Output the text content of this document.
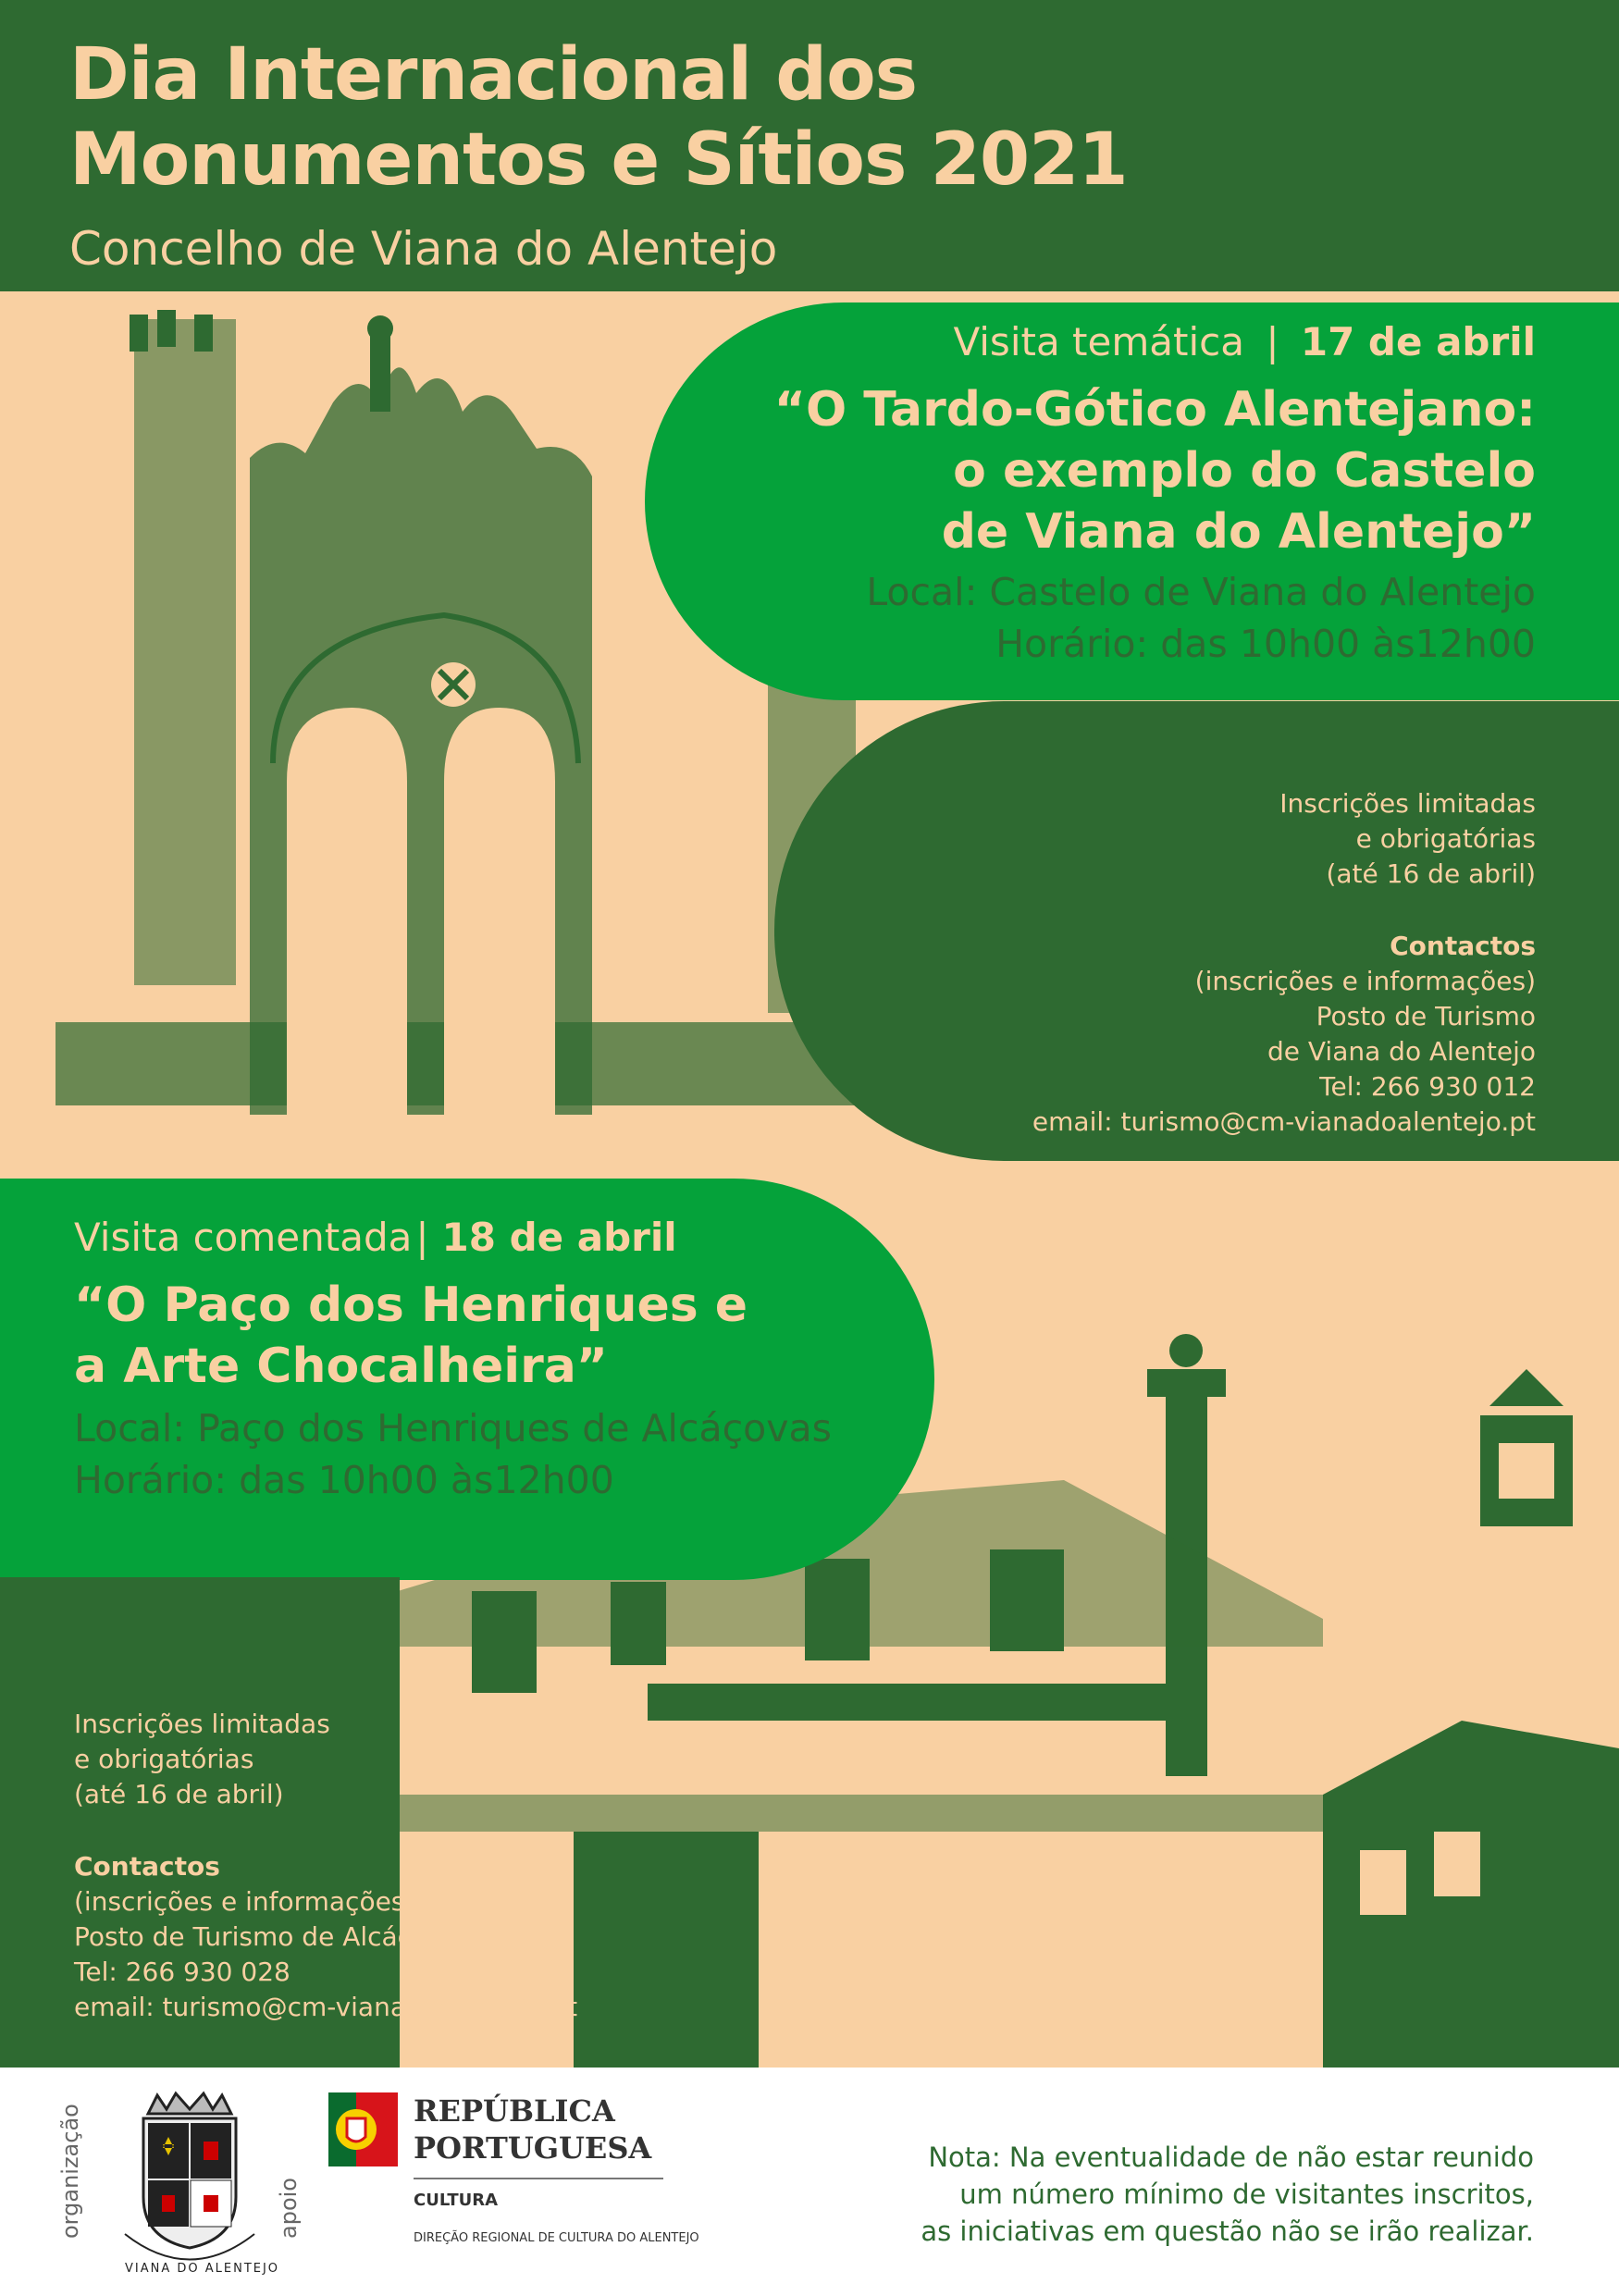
Dia Internacional dos
Monumentos e Sítios 2021
Concelho de Viana do Alentejo
Visita temática | 17 de abril
“O Tardo-Gótico Alentejano:
o exemplo do Castelo
de Viana do Alentejo”
Local: Castelo de Viana do Alentejo
Horário: das 10h00 às12h00
Inscrições limitadas
e obrigatórias
(até 16 de abril)
Contactos
(inscrições e informações)
Posto de Turismo
de Viana do Alentejo
Tel: 266 930 012
email: turismo@cm-vianadoalentejo.pt
Visita comentada| 18 de abril
“O Paço dos Henriques e
a Arte Chocalheira”
Local: Paço dos Henriques de Alcáçovas
Horário: das 10h00 às12h00
Inscrições limitadas
e obrigatórias
(até 16 de abril)
Contactos
(inscrições e informações)
Posto de Turismo de Alcáçovas
Tel: 266 930 028
email: turismo@cm-vianadoalentejo.pt
organização
VIANA DO ALENTEJO
apoio
REPÚBLICA
PORTUGUESA
CULTURA
DIREÇÃO REGIONAL DE CULTURA DO ALENTEJO
Nota: Na eventualidade de não estar reunido
um número mínimo de visitantes inscritos,
as iniciativas em questão não se irão realizar.
